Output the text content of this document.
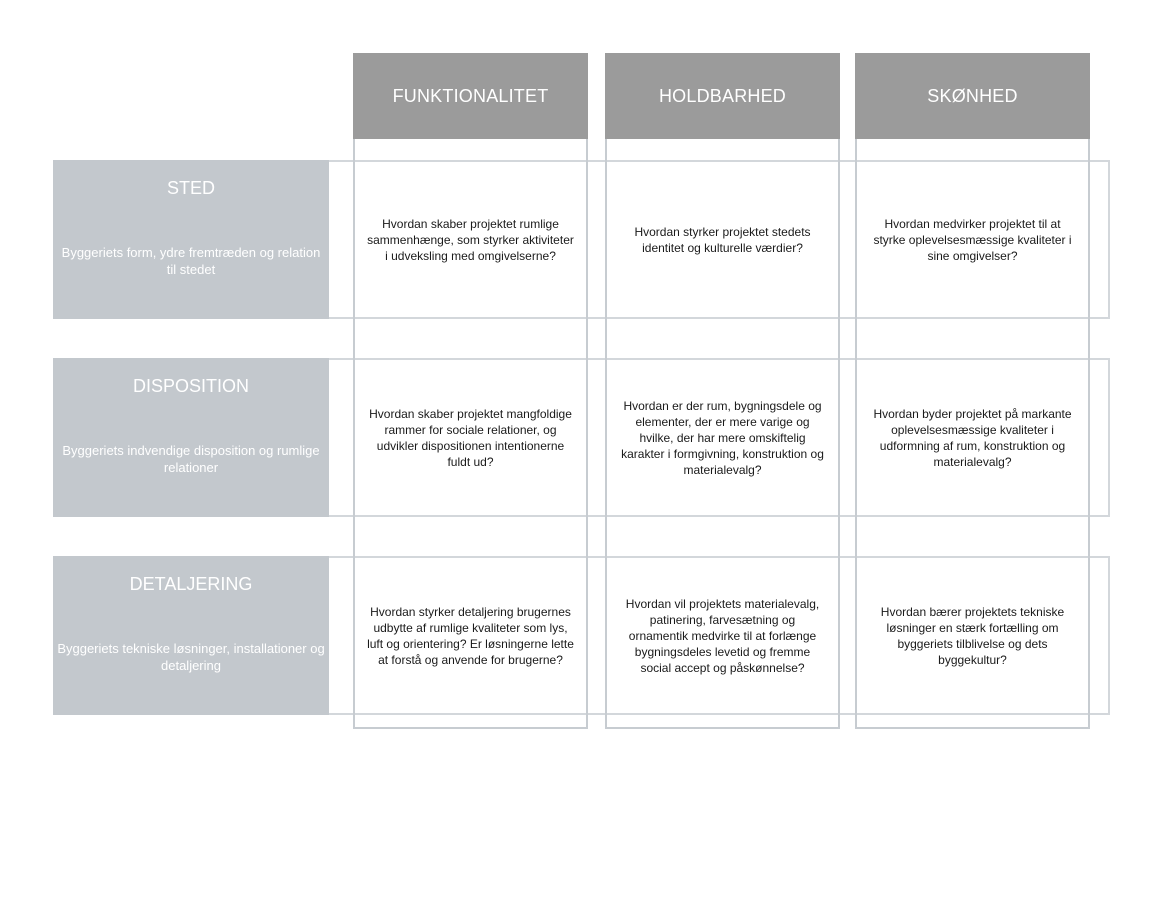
FUNKTIONALITET	HOLDBARHED	SKØNHED
STED
Byggeriets form, ydre fremtræden og relation til stedet
DISPOSITION
Byggeriets indvendige disposition og rumlige relationer
DETALJERING
Byggeriets tekniske løsninger, installationer og detaljering
Hvordan skaber projektet rumlige sammenhænge, som styrker aktiviteter i udveksling med omgivelserne?
Hvordan styrker projektet stedets identitet og kulturelle værdier?
Hvordan medvirker projektet til at styrke oplevelsesmæssige kvaliteter i sine omgivelser?
Hvordan skaber projektet mangfoldige rammer for sociale relationer, og udvikler dispositionen intentionerne fuldt ud?
Hvordan er der rum, bygningsdele og elementer, der er mere varige og hvilke, der har mere omskiftelig karakter i formgivning, konstruktion og materialevalg?
Hvordan byder projektet på markante oplevelsesmæssige kvaliteter i udformning af rum, konstruktion og materialevalg?
Hvordan styrker detaljering brugernes udbytte af rumlige kvaliteter som lys, luft og orientering? Er løsningerne lette at forstå og anvende for brugerne?
Hvordan vil projektets materialevalg, patinering, farvesætning og ornamentik medvirke til at forlænge bygningsdeles levetid og fremme social accept og påskønnelse?
Hvordan bærer projektets tekniske løsninger en stærk fortælling om byggeriets tilblivelse og dets byggekultur?
